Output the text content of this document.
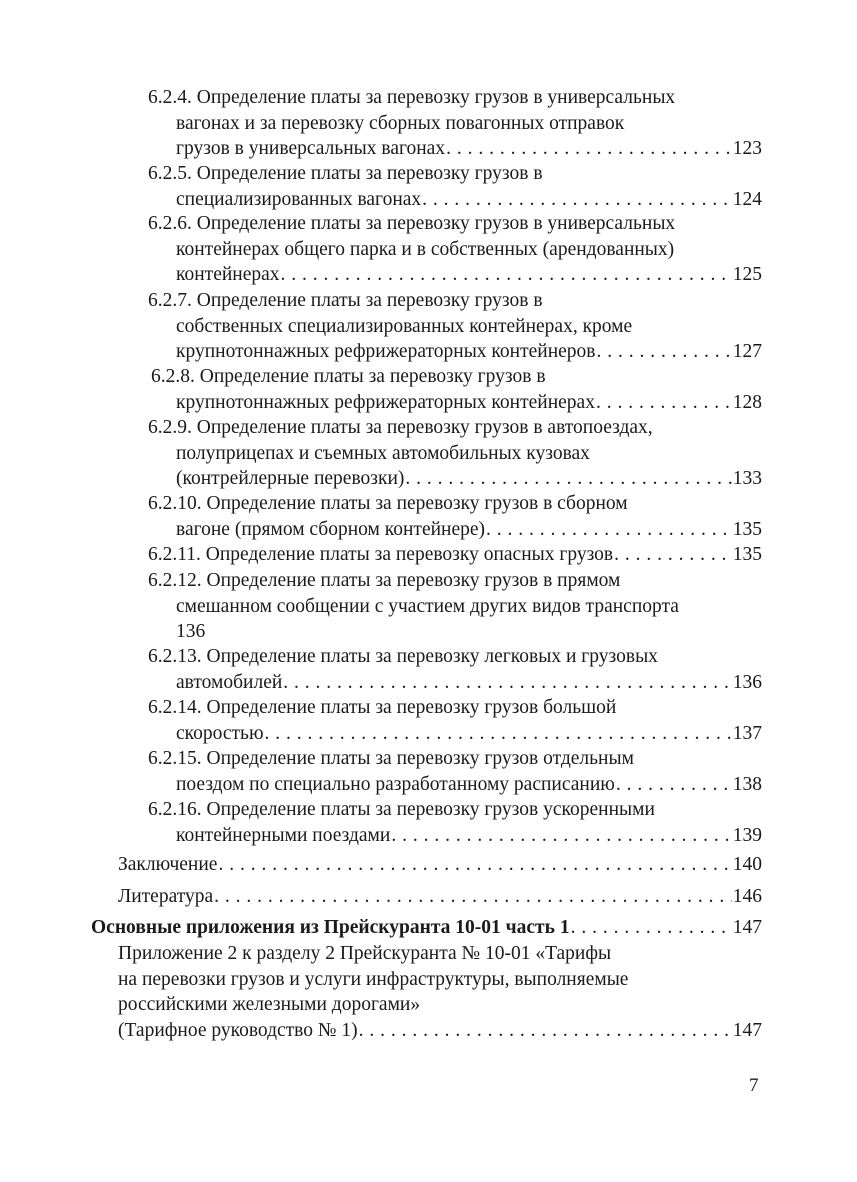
6.2.4. Определение платы за перевозку грузов в универсальных
вагонах и за перевозку сборных повагонных отправок
грузов в универсальных вагонах . . .	123
6.2.5. Определение платы за перевозку грузов в
специализированных вагонах . . .	124
6.2.6. Определение платы за перевозку грузов в универсальных
контейнерах общего парка и в собственных (арендованных)
контейнерах . . .	125
6.2.7. Определение платы за перевозку грузов в
собственных специализированных контейнерах, кроме
крупнотоннажных рефрижераторных контейнеров . . .	127
6.2.8. Определение платы за перевозку грузов в
крупнотоннажных рефрижераторных контейнерах . . .	128
6.2.9. Определение платы за перевозку грузов в автопоездах,
полуприцепах и съемных автомобильных кузовах
(контрейлерные перевозки) . . .	133
6.2.10. Определение платы за перевозку грузов в сборном
вагоне (прямом сборном контейнере) . . .	135
6.2.11. Определение платы за перевозку опасных грузов . . .	135
6.2.12. Определение платы за перевозку грузов в прямом
смешанном сообщении с участием других видов транспорта
136
6.2.13. Определение платы за перевозку легковых и грузовых
автомобилей . . .	136
6.2.14. Определение платы за перевозку грузов большой
скоростью . . .	137
6.2.15. Определение платы за перевозку грузов отдельным
поездом по специально разработанному расписанию . . .	138
6.2.16. Определение платы за перевозку грузов ускоренными
контейнерными поездами . . .	139
Заключение . . .	140
Литература . . .	146
Основные приложения из Прейскуранта 10-01 часть 1 . . .	147
Приложение 2 к разделу 2 Прейскуранта № 10-01 «Тарифы
на перевозки грузов и услуги инфраструктуры, выполняемые
российскими железными дорогами»
(Тарифное руководство № 1) . . .	147
7
